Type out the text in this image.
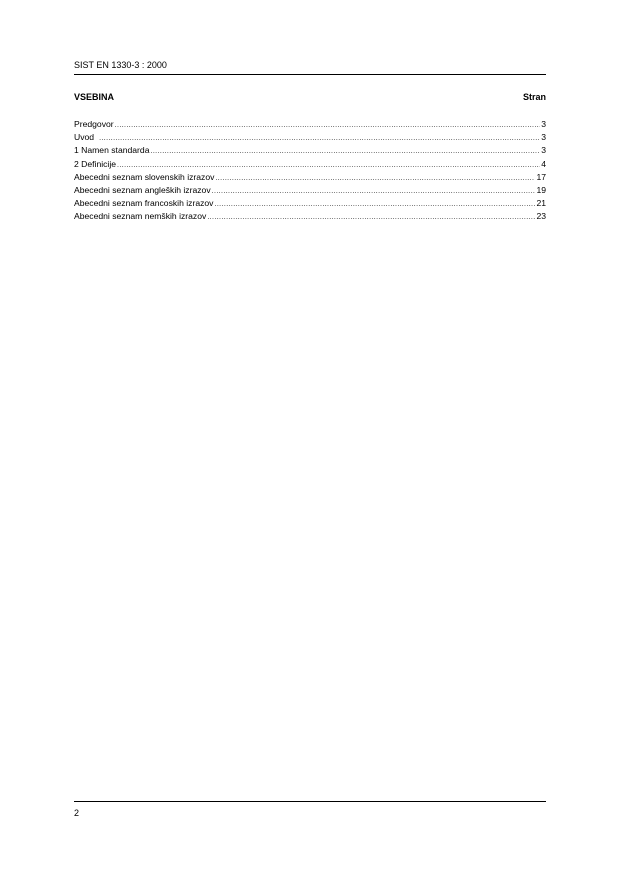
SIST EN 1330-3 : 2000
VSEBINA	Stran
Predgovor .....	3
Uvod .....	3
1 Namen standarda .....	3
2 Definicije .....	4
Abecedni seznam slovenskih izrazov .....	17
Abecedni seznam angleških izrazov .....	19
Abecedni seznam francoskih izrazov .....	21
Abecedni seznam nemških izrazov .....	23
2
